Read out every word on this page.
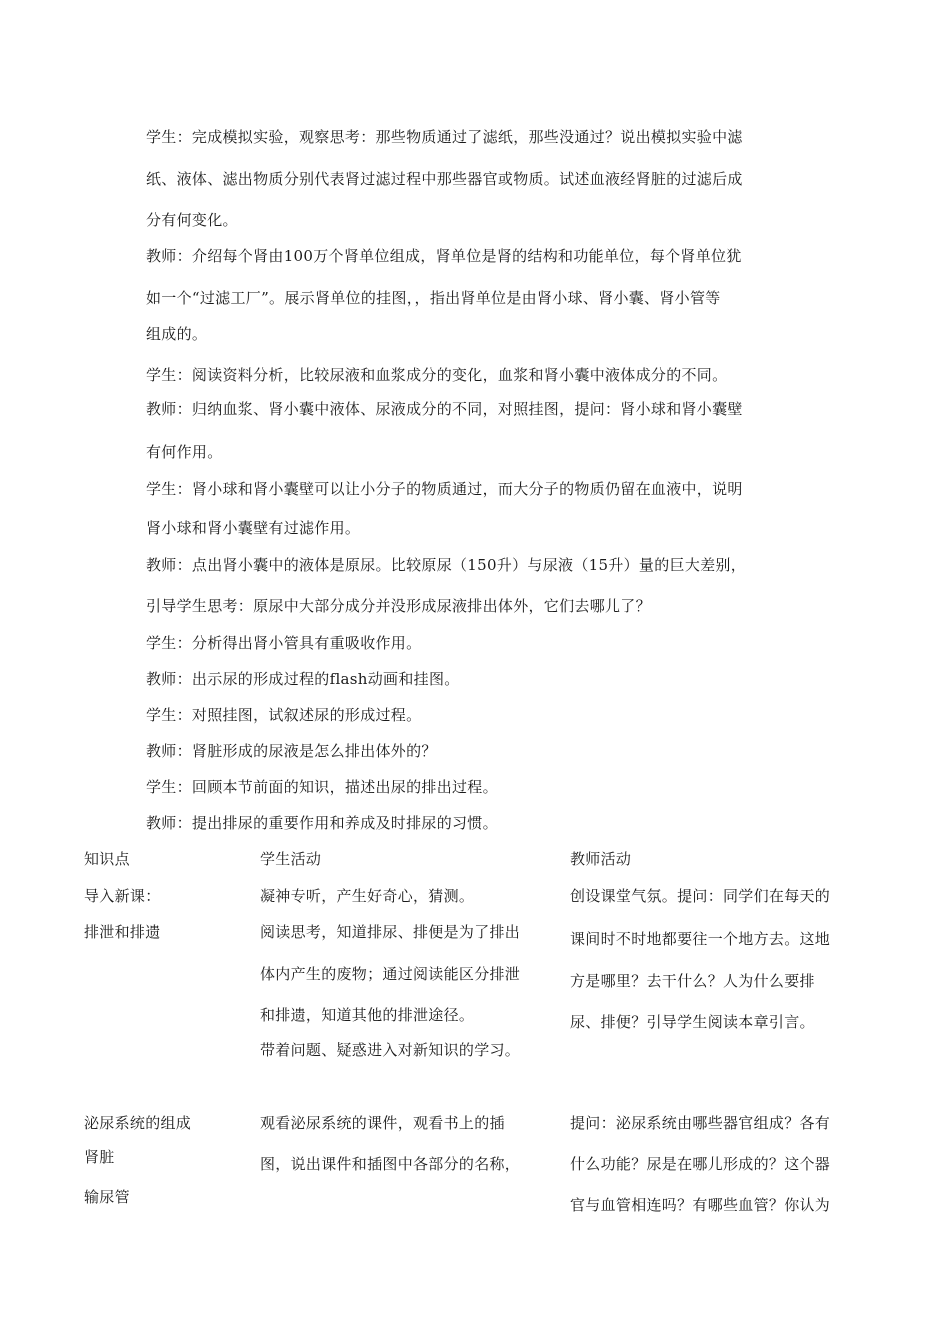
学生：完成模拟实验，观察思考：那些物质通过了滤纸，那些没通过？说出模拟实验中滤
纸、液体、滤出物质分别代表肾过滤过程中那些器官或物质。试述血液经肾脏的过滤后成
分有何变化。
教师：介绍每个肾由100万个肾单位组成，肾单位是肾的结构和功能单位，每个肾单位犹
如一个“过滤工厂”。展示肾单位的挂图，，指出肾单位是由肾小球、肾小囊、肾小管等
组成的。
学生：阅读资料分析，比较尿液和血浆成分的变化，血浆和肾小囊中液体成分的不同。
教师：归纳血浆、肾小囊中液体、尿液成分的不同，对照挂图，提问：肾小球和肾小囊壁
有何作用。
学生：肾小球和肾小囊壁可以让小分子的物质通过，而大分子的物质仍留在血液中，说明
肾小球和肾小囊壁有过滤作用。
教师：点出肾小囊中的液体是原尿。比较原尿（150升）与尿液（15升）量的巨大差别，
引导学生思考：原尿中大部分成分并没形成尿液排出体外，它们去哪儿了？
学生：分析得出肾小管具有重吸收作用。
教师：出示尿的形成过程的flash动画和挂图。
学生：对照挂图，试叙述尿的形成过程。
教师：肾脏形成的尿液是怎么排出体外的？
学生：回顾本节前面的知识，描述出尿的排出过程。
教师：提出排尿的重要作用和养成及时排尿的习惯。
知识点	学生活动	教师活动
导入新课：
排泄和排遗
凝神专听，产生好奇心，猜测。
阅读思考，知道排尿、排便是为了排出
体内产生的废物；通过阅读能区分排泄
和排遗，知道其他的排泄途径。
带着问题、疑惑进入对新知识的学习。
创设课堂气氛。提问：同学们在每天的
课间时不时地都要往一个地方去。这地
方是哪里？去干什么？人为什么要排
尿、排便？引导学生阅读本章引言。
泌尿系统的组成
肾脏
输尿管
观看泌尿系统的课件，观看书上的插
图，说出课件和插图中各部分的名称，
提问：泌尿系统由哪些器官组成？各有
什么功能？尿是在哪儿形成的？这个器
官与血管相连吗？有哪些血管？你认为
